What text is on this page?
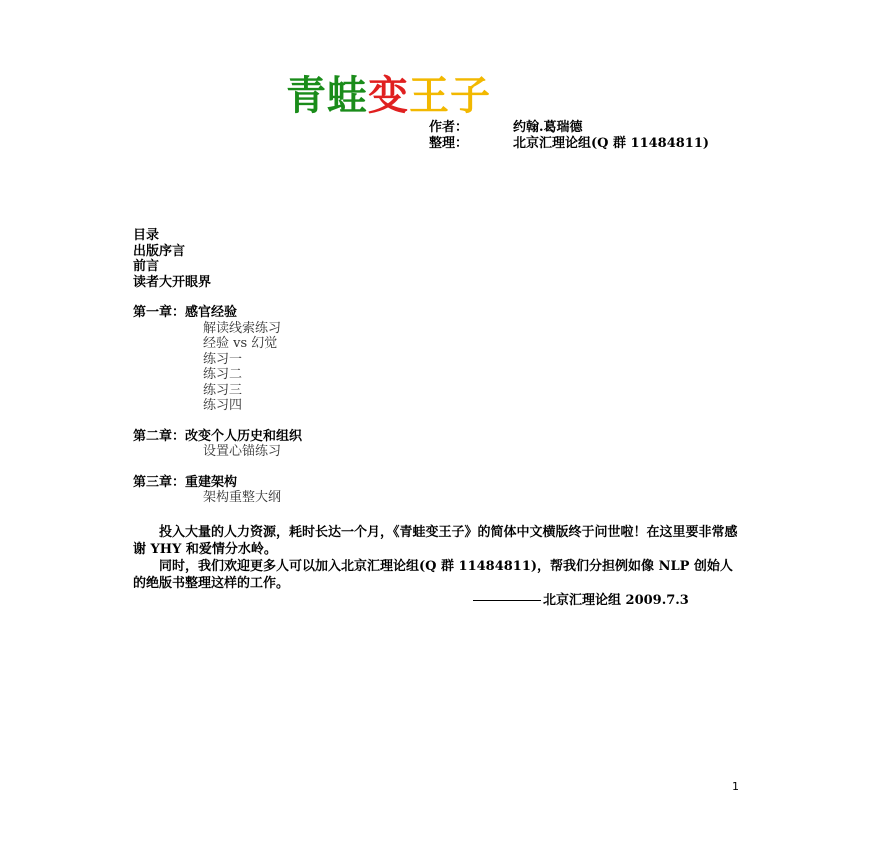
青蛙变王子
作者：	约翰.葛瑞德
整理：	北京汇理论组(Q 群 11484811)
目录
出版序言
前言
读者大开眼界
第一章：感官经验
解读线索练习
经验 vs 幻觉
练习一
练习二
练习三
练习四
第二章：改变个人历史和组织
设置心锚练习
第三章：重建架构
架构重整大纲

投入大量的人力资源，耗时长达一个月，《青蛙变王子》的简体中文横版终于问世啦！在这里要非常感谢 YHY 和爱情分水岭。

同时，我们欢迎更多人可以加入北京汇理论组(Q 群 11484811)，帮我们分担例如像 NLP 创始人的绝版书整理这样的工作。

北京汇理论组 2009.7.3
1
